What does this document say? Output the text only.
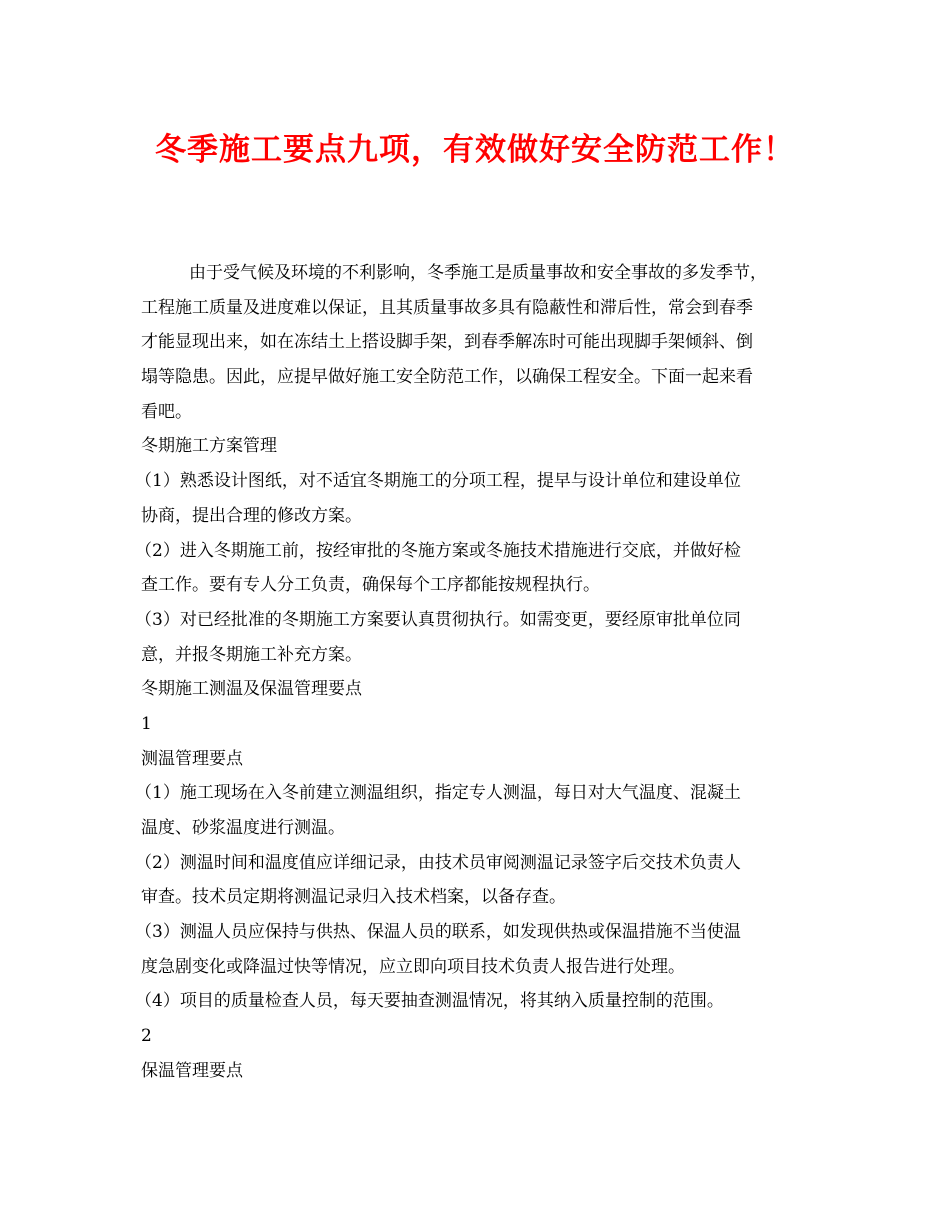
冬季施工要点九项，有效做好安全防范工作！
由于受气候及环境的不利影响，冬季施工是质量事故和安全事故的多发季节，
工程施工质量及进度难以保证，且其质量事故多具有隐蔽性和滞后性，常会到春季
才能显现出来，如在冻结土上搭设脚手架，到春季解冻时可能出现脚手架倾斜、倒
塌等隐患。因此，应提早做好施工安全防范工作，以确保工程安全。下面一起来看
看吧。
冬期施工方案管理
（1）熟悉设计图纸，对不适宜冬期施工的分项工程，提早与设计单位和建设单位
协商，提出合理的修改方案。
（2）进入冬期施工前，按经审批的冬施方案或冬施技术措施进行交底，并做好检
查工作。要有专人分工负责，确保每个工序都能按规程执行。
（3）对已经批准的冬期施工方案要认真贯彻执行。如需变更，要经原审批单位同
意，并报冬期施工补充方案。
冬期施工测温及保温管理要点
1
测温管理要点
（1）施工现场在入冬前建立测温组织，指定专人测温，每日对大气温度、混凝土
温度、砂浆温度进行测温。
（2）测温时间和温度值应详细记录，由技术员审阅测温记录签字后交技术负责人
审查。技术员定期将测温记录归入技术档案，以备存查。
（3）测温人员应保持与供热、保温人员的联系，如发现供热或保温措施不当使温
度急剧变化或降温过快等情况，应立即向项目技术负责人报告进行处理。
（4）项目的质量检查人员，每天要抽查测温情况，将其纳入质量控制的范围。
2
保温管理要点
